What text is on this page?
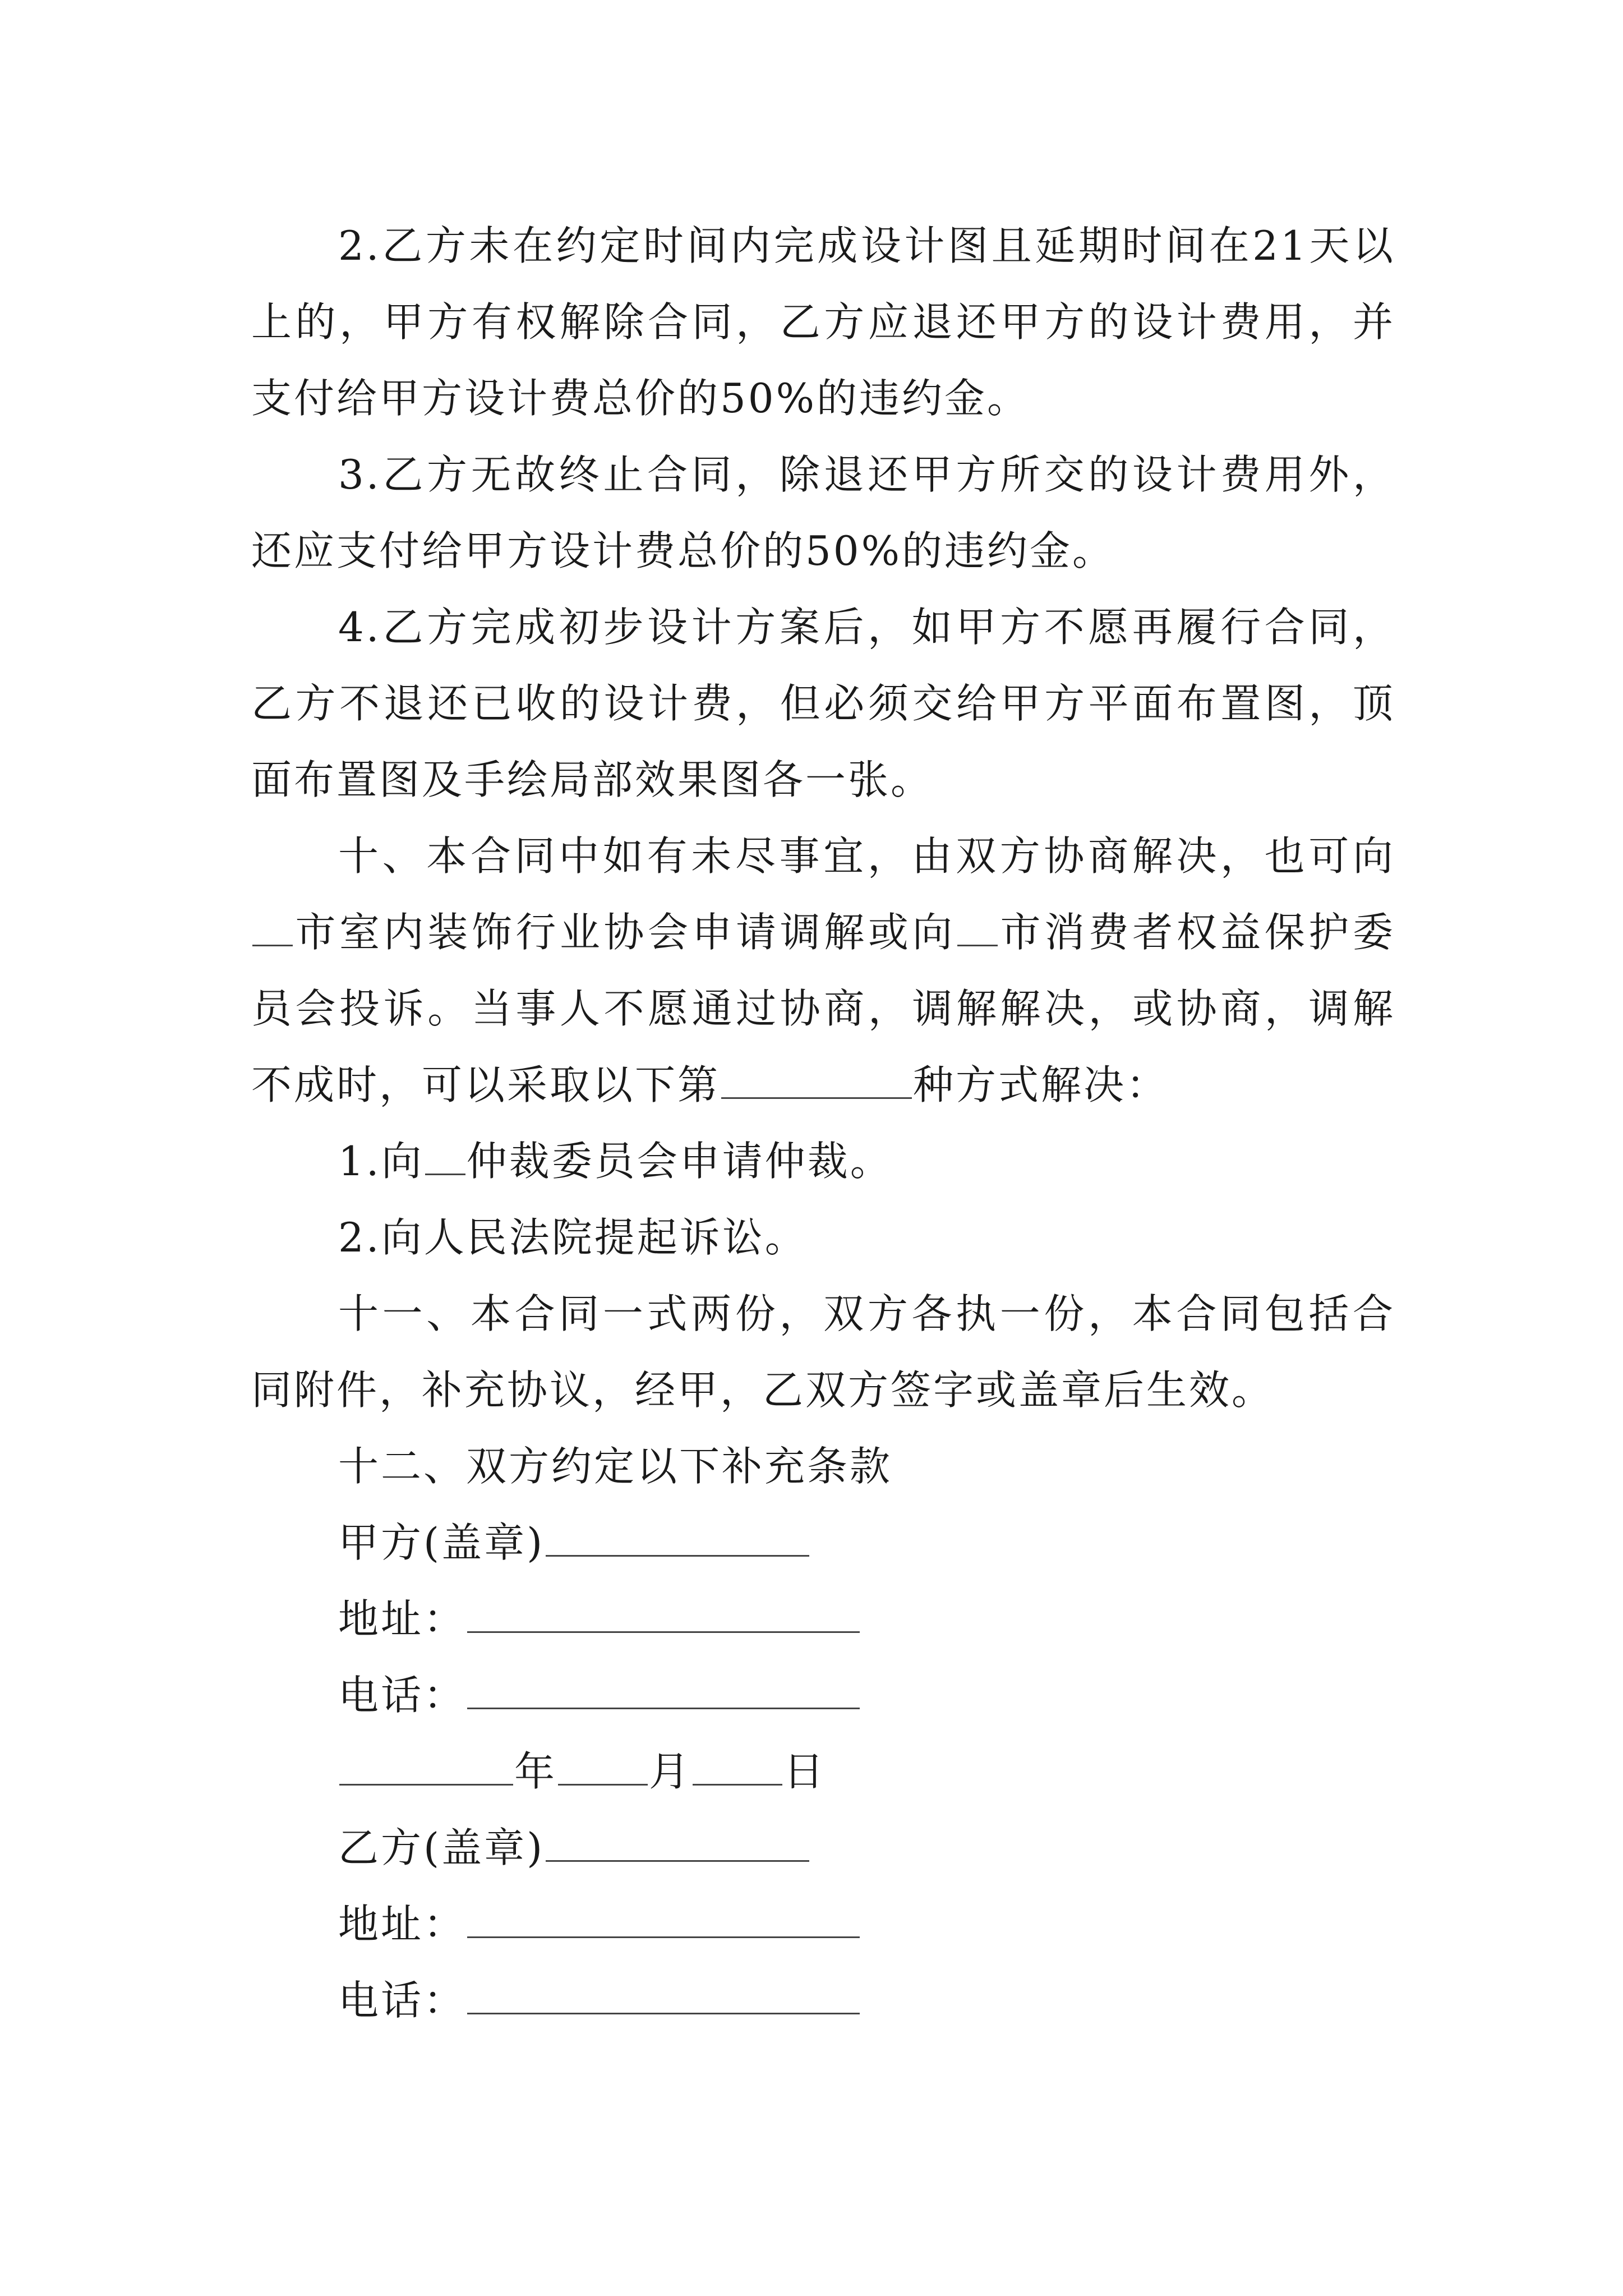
2.乙方未在约定时间内完成设计图且延期时间在21天以上的，甲方有权解除合同，乙方应退还甲方的设计费用，并支付给甲方设计费总价的50%的违约金。

3.乙方无故终止合同，除退还甲方所交的设计费用外，还应支付给甲方设计费总价的50%的违约金。

4.乙方完成初步设计方案后，如甲方不愿再履行合同，乙方不退还已收的设计费，但必须交给甲方平面布置图，顶面布置图及手绘局部效果图各一张。

十、本合同中如有未尽事宜，由双方协商解决，也可向市室内装饰行业协会申请调解或向 市消费者权益保护委员会投诉。当事人不愿通过协商，调解解决，或协商，调解不成时，可以采取以下第	种方式解决：

1.向 仲裁委员会申请仲裁。

2.向人民法院提起诉讼。

十一、本合同一式两份，双方各执一份，本合同包括合同附件，补充协议，经甲，乙双方签字或盖章后生效。

十二、双方约定以下补充条款

甲方(盖章)

地址：

电话：

年 月 日

乙方(盖章)

地址：

电话：
